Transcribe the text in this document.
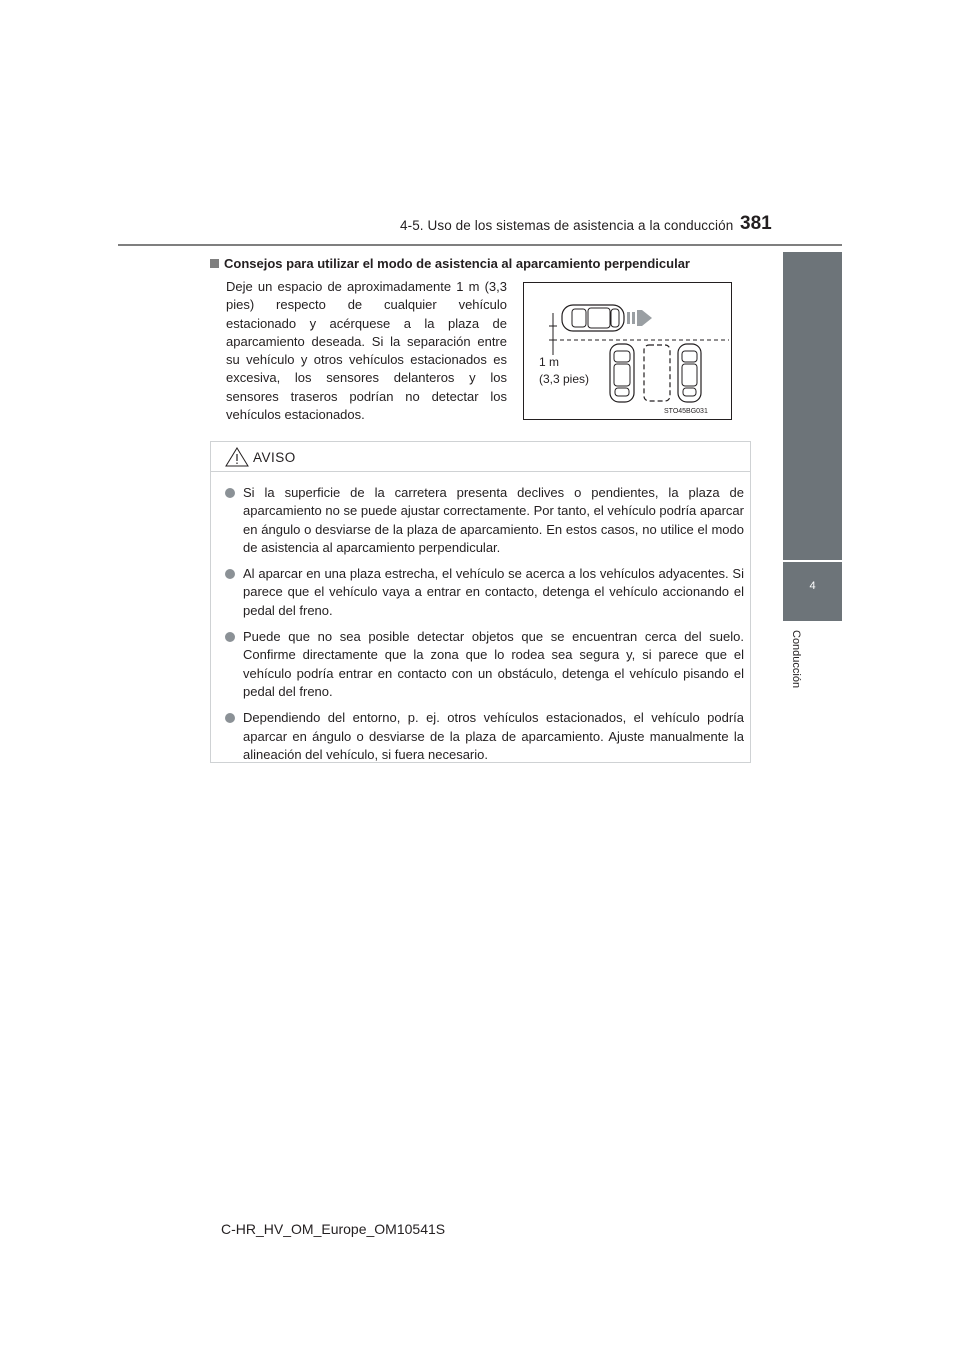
4-5. Uso de los sistemas de asistencia a la conducción 381
4
Conducción
Consejos para utilizar el modo de asistencia al aparcamiento perpendicular

Deje un espacio de aproximadamente 1 m (3,3 pies) respecto de cualquier vehículo estacionado y acérquese a la plaza de aparcamiento deseada. Si la separación entre su vehículo y otros vehículos estacionados es excesiva, los sensores delanteros y los sensores traseros podrían no detectar los vehículos estacionados.

1 m
(3,3 pies)
STO45BG031
AVISO
Si la superficie de la carretera presenta declives o pendientes, la plaza de aparcamiento no se puede ajustar correctamente. Por tanto, el vehículo podría aparcar en ángulo o desviarse de la plaza de aparcamiento. En estos casos, no utilice el modo de asistencia al aparcamiento perpendicular.
Al aparcar en una plaza estrecha, el vehículo se acerca a los vehículos adyacentes. Si parece que el vehículo vaya a entrar en contacto, detenga el vehículo accionando el pedal del freno.
Puede que no sea posible detectar objetos que se encuentran cerca del suelo. Confirme directamente que la zona que lo rodea sea segura y, si parece que el vehículo podría entrar en contacto con un obstáculo, detenga el vehículo pisando el pedal del freno.
Dependiendo del entorno, p. ej. otros vehículos estacionados, el vehículo podría aparcar en ángulo o desviarse de la plaza de aparcamiento. Ajuste manualmente la alineación del vehículo, si fuera necesario.
C-HR_HV_OM_Europe_OM10541S
